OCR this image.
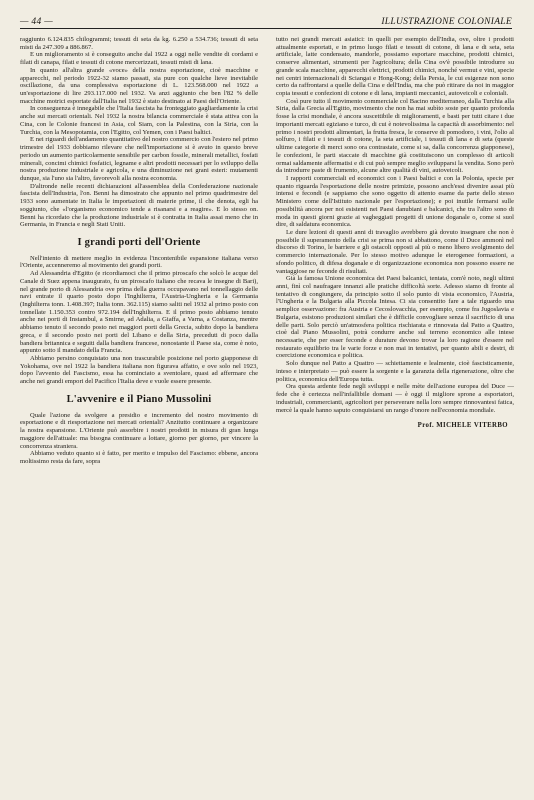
— 44 —	ILLUSTRAZIONE COLONIALE

raggiunto 6.124.835 chilogrammi; tessuti di seta da kg. 6.250 a 534.736; tessuti di seta misti da 247.309 a 886.867.

E un miglioramento si è conseguito anche dal 1922 a oggi nelle vendite di cordami e filati di canapa, filati e tessuti di cotone mercerizzati, tessuti misti di lana.

In quanto all'altra grande «voce» della nostra esportazione, cioè macchine e apparecchi, nel periodo 1922-32 siamo passati, sia pure con qualche lieve inevitabile oscillazione, da una complessiva esportazione di L. 123.568.000 nel 1922 a un'esportazione di lire 293.117.000 nel 1932. Va anzi aggiunto che ben l'82 % delle macchine motrici esportate dall'Italia nel 1932 è stato destinato ai Paesi dell'Oriente.

In conseguenza è innegabile che l'Italia fascista ha fronteggiato gagliardamente la crisi anche sui mercati orientali. Nel 1932 la nostra bilancia commerciale è stata attiva con la Cina, con le Colonie francesi in Asia, col Siam, con la Palestina, con la Siria, con la Turchia, con la Mesopotamia, con l'Egitto, col Yemen, con i Paesi baltici.

E nei riguardi dell'andamento quantitativo del nostro commercio con l'estero nel primo trimestre del 1933 dobbiamo rilevare che nell'importazione si è avuto in questo breve periodo un aumento particolarmente sensibile per carbon fossile, minerali metallici, fosfati minerali, concimi chimici fosfatici, legname e altri prodotti necessari per lo sviluppo della nostra produzione industriale e agricola, e una diminuzione nei grani esteri: mutamenti dunque, sia l'uno sia l'altro, favorevoli alla nostra economia.

D'altronde nelle recenti dichiarazioni all'assemblea della Confederazione nazionale fascista dell'Industria, l'on. Benni ha dimostrato che appunto nel primo quadrimestre del 1933 sono aumentate in Italia le importazioni di materie prime, il che denota, egli ha soggiunto, che «l'organismo economico tende a risanarsi e a reagire». E lo stesso on. Benni ha ricordato che la produzione industriale si è contratta in Italia assai meno che in Germania, in Francia e negli Stati Uniti.

I grandi porti dell'Oriente

Nell'intento di mettere meglio in evidenza l'incontenibile espansione italiana verso l'Oriente, accenneremo al movimento dei grandi porti.

Ad Alessandria d'Egitto (e ricordiamoci che il primo piroscafo che solcò le acque del Canale di Suez appena inaugurato, fu un piroscafo italiano che recava le insegne di Bari), nel grande porto di Alessandria ove prima della guerra occupavano nel tonnellaggio delle navi entrate il quarto posto dopo l'Inghilterra, l'Austria-Ungheria e la Germania (Inghilterra tonn. 1.408.397; Italia tonn. 362.115) siamo saliti nel 1932 al primo posto con tonnellate 1.150.353 contro 972.194 dell'Inghilterra. E il primo posto abbiamo tenuto anche nei porti di Instambul, a Smirne, ad Adalia, a Giaffa, a Varna, a Costanza, mentre abbiamo tenuto il secondo posto nei maggiori porti della Grecia, subito dopo la bandiera greca, e il secondo posto nei porti del Libano e della Siria, preceduti di poco dalla bandiera britannica e seguiti dalla bandiera francese, nonostante il Paese sia, come è noto, appunto sotto il mandato della Francia.

Abbiamo persino conquistato una non trascurabile posizione nel porto giapponese di Yokohama, ove nel 1922 la bandiera italiana non figurava affatto, e ove solo nel 1923, dopo l'avvento del Fascismo, essa ha cominciato a sventolare, quasi ad affermare che anche nei grandi empori del Pacifico l'Italia deve e vuole essere presente.

L'avvenire e il Piano Mussolini

Quale l'azione da svolgere a presidio e incremento del nostro movimento di esportazione e di riesportazione nei mercati orientali? Anzitutto continuare a organizzare la nostra espansione. L'Oriente può assorbire i nostri prodotti in misura di gran lunga maggiore dell'attuale: ma bisogna continuare a lottare, giorno per giorno, per vincere la concorrenza straniera.

Abbiamo veduto quanto si è fatto, per merito e impulso del Fascismo: ebbene, ancora moltissimo resta da fare, sopra

tutto nei grandi mercati asiatici: in quelli per esempio dell'India, ove, oltre i prodotti attualmente esportati, e in primo luogo filati e tessuti di cotone, di lana e di seta, seta artificiale, latte condensato, mandorle, possiamo esportare macchine, prodotti chimici, conserve alimentari, strumenti per l'agricoltura; della Cina ov'è possibile introdurre su grande scala macchine, apparecchi elettrici, prodotti chimici, nonché vermut e vini, specie nei centri internazionali di Sciangai e Hong-Kong; della Persia, le cui esigenze non sono certo da raffrontarsi a quelle della Cina e dell'India, ma che può ritirare da noi in maggior copia tessuti e confezioni di cotone e di lana, impianti meccanici, autoveicoli e coloniali.

Così pure tutto il movimento commerciale col Bacino mediterraneo, dalla Turchia alla Siria, dalla Grecia all'Egitto, movimento che non ha mai subìto soste per quanto profonda fosse la crisi mondiale, è ancora suscettibile di miglioramenti, e basti per tutti citare i due importanti mercati egiziano e turco, di cui è notevolissima la capacità di assorbimento: nel primo i nostri prodotti alimentari, la frutta fresca, le conserve di pomodoro, i vini, l'olio al solfuro, i filati e i tessuti di cotone, la seta artificiale, i tessuti di lana e di seta (queste ultime categorie di merci sono ora contrastate, come si sa, dalla concorrenza giapponese), le confezioni, le parti staccate di macchine già costituiscono un complesso di articoli ormai saldamente affermatisi e di cui può sempre meglio svilupparsi la vendita. Sono però da introdurre paste di frumento, alcune altre qualità di vini, autoveicoli.

I rapporti commerciali ed economici con i Paesi baltici e con la Polonia, specie per quanto riguarda l'esportazione delle nostre primizie, possono anch'essi divenire assai più intensi e fecondi (e sappiamo che sono oggetto di attento esame da parte dello stesso Ministero come dell'Istituto nazionale per l'esportazione); e poi inutile fermarsi sulle possibilità ancora per noi esistenti nei Paesi danubiani e balcanici, che tra l'altro sono di moda in questi giorni grazie ai vagheggiati progetti di unione doganale o, come si suol dire, di saldatura economica.

Le dure lezioni di questi anni di travaglio avrebbero già dovuto insegnare che non è possibile il superamento della crisi se prima non si abbattono, come il Duce ammonì nel discorso di Torino, le barriere e gli ostacoli opposti al più o meno libero svolgimento del commercio internazionale. Per lo stesso motivo adunque le eterogenee formazioni, a sfondo politico, di difesa doganale e di organizzazione economica non possono essere ne vantaggiose ne feconde di risultati.

Già la famosa Unione economica dei Paesi balcanici, tentata, com'è noto, negli ultimi anni, finì col naufragare innanzi alle pratiche difficoltà sorte. Adesso siamo di fronte al tentativo di congiungere, da principio sotto il solo punto di vista economico, l'Austria, l'Ungheria e la Bulgaria alla Piccola Intesa. Ci sia consentito fare a tale riguardo una semplice osservazione: fra Austria e Cecoslovacchia, per esempio, come fra Jugoslavia e Bulgaria, esistono produzioni similari che è difficile convogliare senza il sacrificio di una delle parti. Solo perciò un'atmosfera politica rischiarata e rinnovata dal Patto a Quattro, cioè dal Piano Mussolini, potrà condurre anche sul terreno economico alle intese necessarie, che per esser feconde e durature devono trovar la loro ragione d'essere nel restaurato equilibrio tra le varie forze e non mai in tentativi, per quanto abili e destri, di coercizione economica e politica.

Solo dunque nel Patto a Quattro — schiettamente e lealmente, cioè fascisticamente, inteso e interpretato — può essere la sorgente e la garanzia della rigenerazione, oltre che politica, economica dell'Europa tutta.

Ora questa ardente fede negli sviluppi e nelle mète dell'azione europea del Duce — fede che è certezza nell'infallibile domani — è oggi il migliore sprone a esportatori, industriali, commercianti, agricoltori per perseverare nella loro sempre rinnovantesi fatica, mercè la quale hanno saputo conquistarsi un rango d'onore nell'economia mondiale.

Prof. MICHELE VITERBO
